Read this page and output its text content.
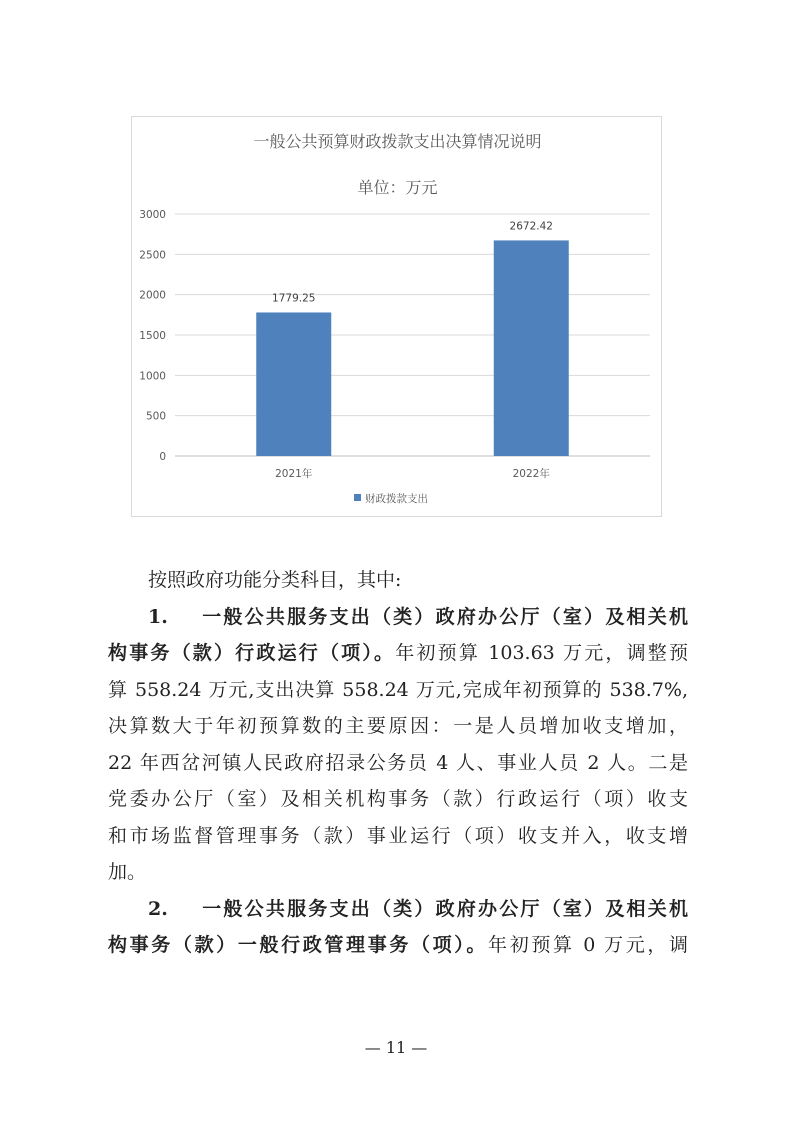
一般公共预算财政拨款支出决算情况说明
单位：万元
0
500
1000
1500
2000
2500
3000
1779.25
2021年
2672.42
2022年
财政拨款支出
按照政府功能分类科目，其中:
1. 一般公共服务支出（类）政府办公厅（室）及相关机
构事务（款）行政运行（项）。年初预算 103.63 万元，调整预
算 558.24 万元,支出决算 558.24 万元,完成年初预算的 538.7%,
决算数大于年初预算数的主要原因：一是人员增加收支增加，
22 年西岔河镇人民政府招录公务员 4 人、事业人员 2 人。二是
党委办公厅（室）及相关机构事务（款）行政运行（项）收支
和市场监督管理事务（款）事业运行（项）收支并入，收支增
加。
2. 一般公共服务支出（类）政府办公厅（室）及相关机
构事务（款）一般行政管理事务（项）。年初预算 0 万元，调
— 11 —
